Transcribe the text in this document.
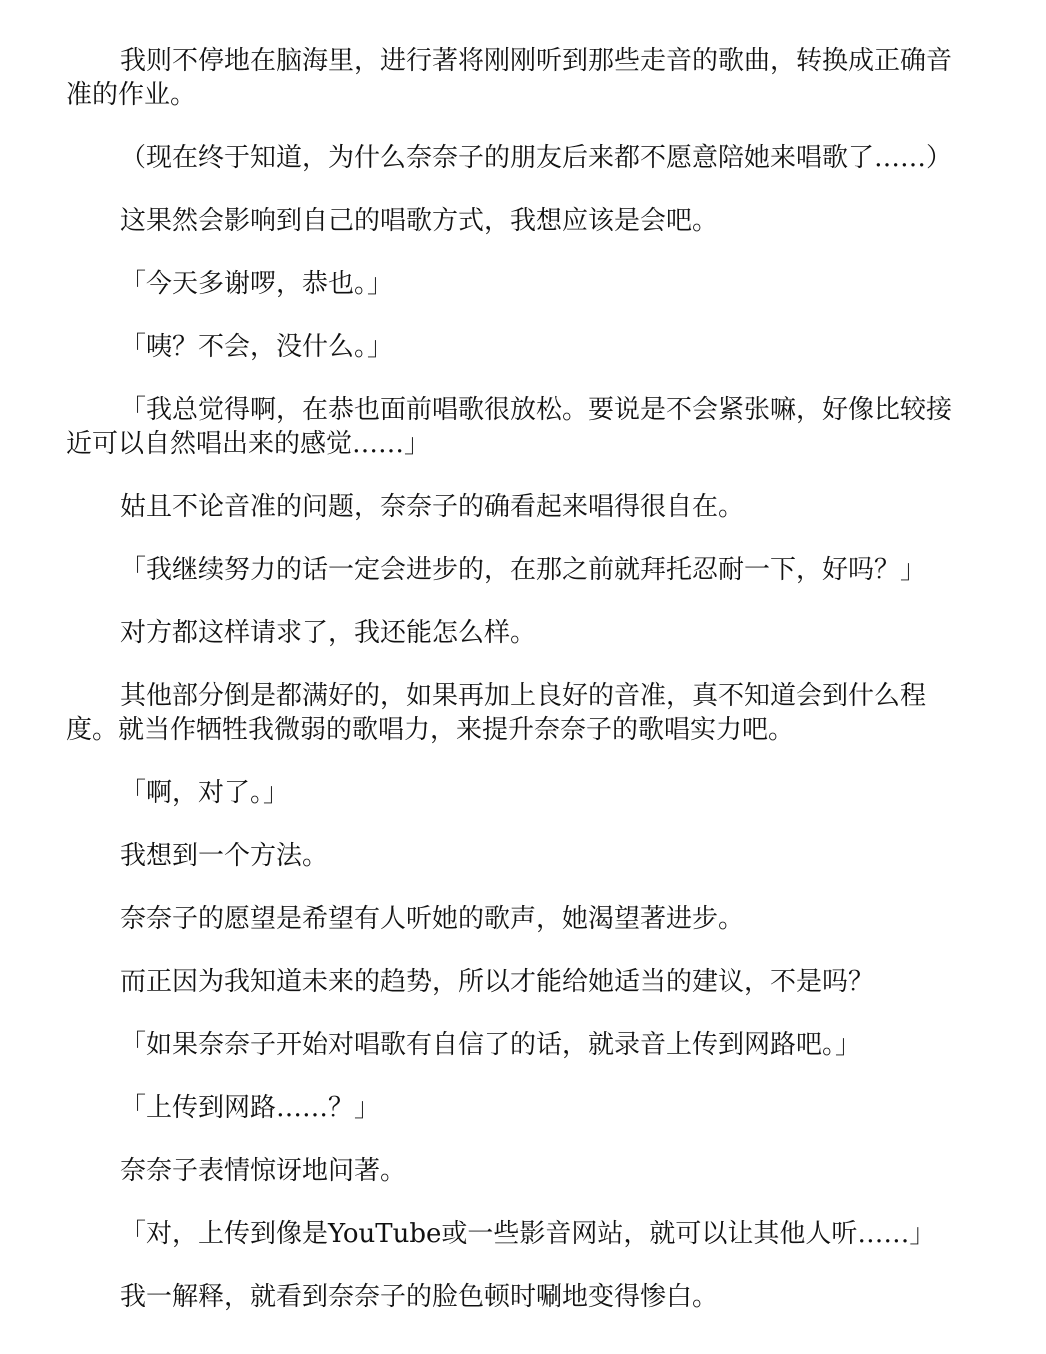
我则不停地在脑海里，进行著将刚刚听到那些走音的歌曲，转换成正确音准的作业。

（现在终于知道，为什么奈奈子的朋友后来都不愿意陪她来唱歌了……）

这果然会影响到自己的唱歌方式，我想应该是会吧。

「今天多谢啰，恭也。」

「咦？不会，没什么。」

「我总觉得啊，在恭也面前唱歌很放松。要说是不会紧张嘛，好像比较接近可以自然唱出来的感觉……」

姑且不论音准的问题，奈奈子的确看起来唱得很自在。

「我继续努力的话一定会进步的，在那之前就拜托忍耐一下，好吗？」

对方都这样请求了，我还能怎么样。

其他部分倒是都满好的，如果再加上良好的音准，真不知道会到什么程度。就当作牺牲我微弱的歌唱力，来提升奈奈子的歌唱实力吧。

「啊，对了。」

我想到一个方法。

奈奈子的愿望是希望有人听她的歌声，她渴望著进步。

而正因为我知道未来的趋势，所以才能给她适当的建议，不是吗？

「如果奈奈子开始对唱歌有自信了的话，就录音上传到网路吧。」

「上传到网路……？」

奈奈子表情惊讶地问著。

「对，上传到像是YouTube或一些影音网站，就可以让其他人听……」

我一解释，就看到奈奈子的脸色顿时唰地变得惨白。
